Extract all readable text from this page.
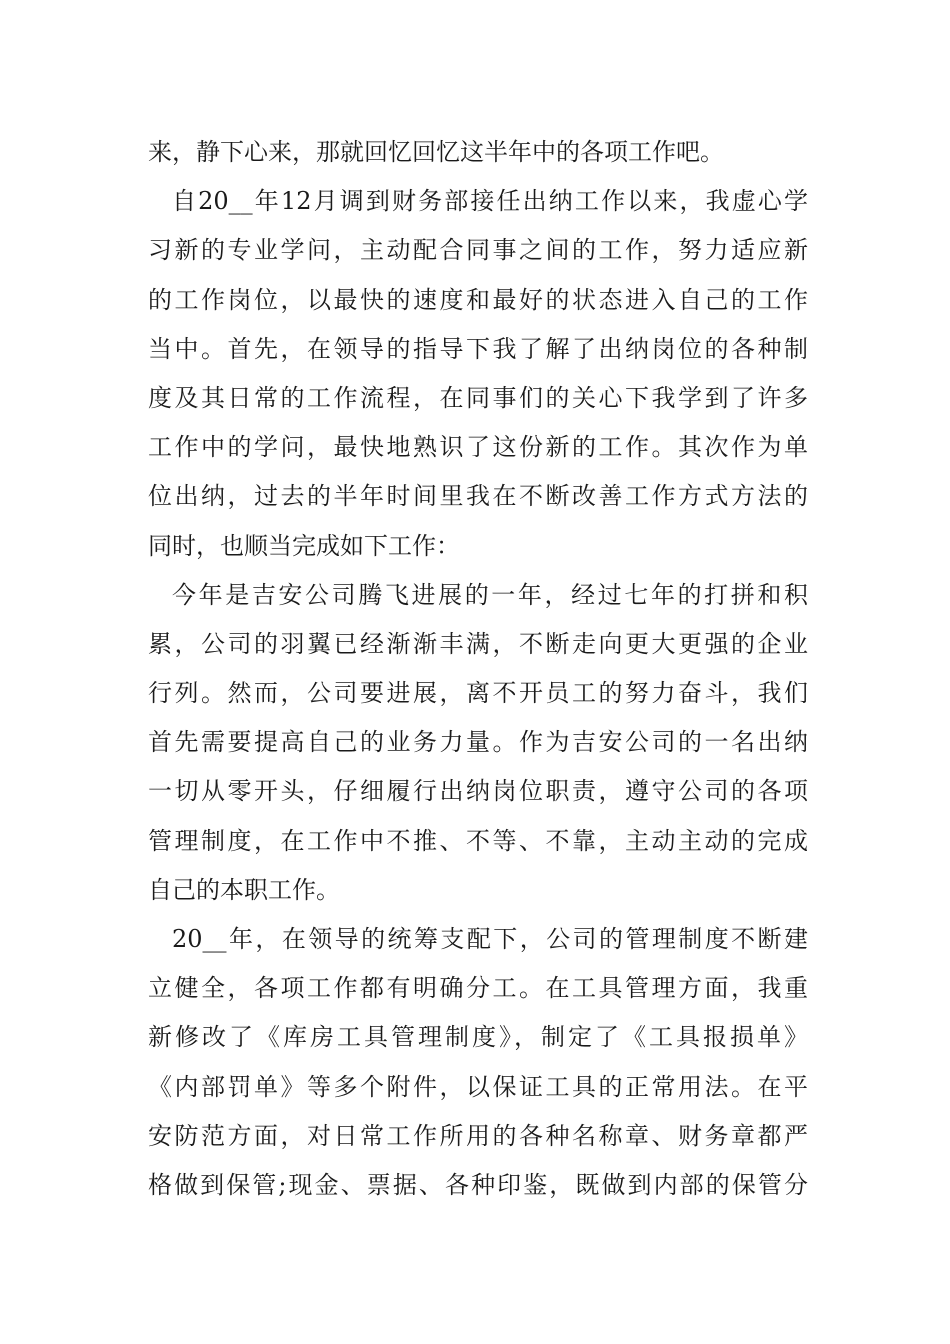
来，静下心来，那就回忆回忆这半年中的各项工作吧。
自20__年12月调到财务部接任出纳工作以来，我虚心学
习新的专业学问，主动配合同事之间的工作，努力适应新
的工作岗位，以最快的速度和最好的状态进入自己的工作
当中。首先，在领导的指导下我了解了出纳岗位的各种制
度及其日常的工作流程，在同事们的关心下我学到了许多
工作中的学问，最快地熟识了这份新的工作。其次作为单
位出纳，过去的半年时间里我在不断改善工作方式方法的
同时，也顺当完成如下工作：
今年是吉安公司腾飞进展的一年，经过七年的打拼和积
累，公司的羽翼已经渐渐丰满，不断走向更大更强的企业
行列。然而，公司要进展，离不开员工的努力奋斗，我们
首先需要提高自己的业务力量。作为吉安公司的一名出纳
一切从零开头，仔细履行出纳岗位职责，遵守公司的各项
管理制度，在工作中不推、不等、不靠，主动主动的完成
自己的本职工作。
20__年，在领导的统筹支配下，公司的管理制度不断建
立健全，各项工作都有明确分工。在工具管理方面，我重
新修改了《库房工具管理制度》，制定了《工具报损单》
《内部罚单》等多个附件，以保证工具的正常用法。在平
安防范方面，对日常工作所用的各种名称章、财务章都严
格做到保管;现金、票据、各种印鉴，既做到内部的保管分
